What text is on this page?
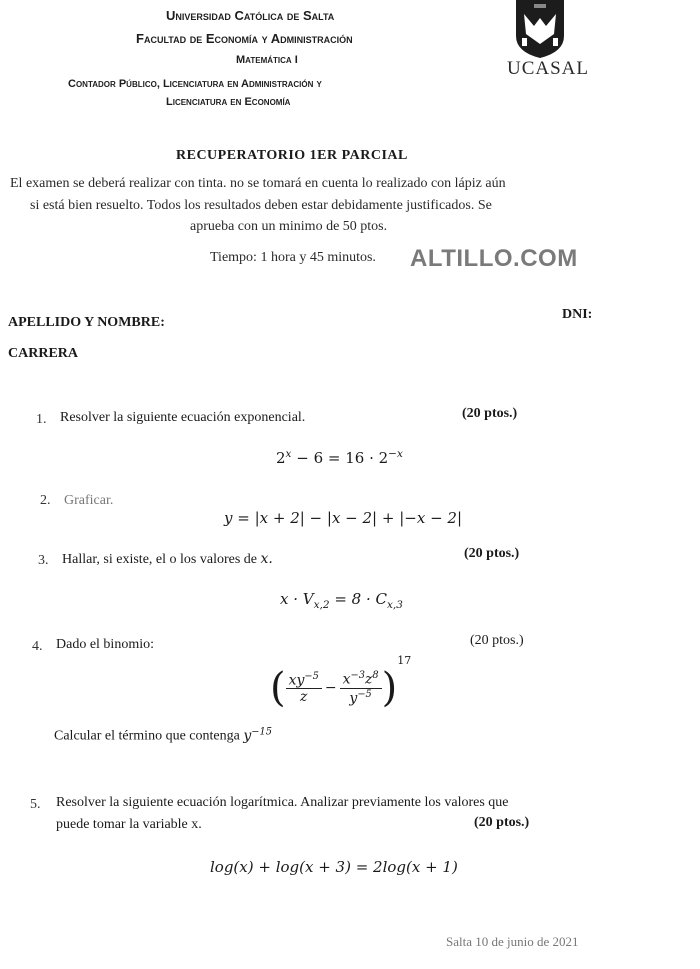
Universidad Católica de Salta
Facultad de Economía y Administración
Matemática I
Contador Público, Licenciatura en Administración y
Licenciatura en Economía
UCASAL
RECUPERATORIO 1ER PARCIAL
El examen se deberá realizar con tinta. no se tomará en cuenta lo realizado con lápiz aún
si está bien resuelto. Todos los resultados deben estar debidamente justificados. Se
aprueba con un minimo de 50 ptos.
Tiempo: 1 hora y 45 minutos. ALTILLO.COM
APELLIDO Y NOMBRE:
DNI:
CARRERA
1. Resolver la siguiente ecuación exponencial.	(20 ptos.)
$2^x - 6 = 16 \cdot 2^{-x}$
2. Graficar.
y = |x + 2| − |x − 2| + |−x − 2|
3. Hallar, si existe, el o los valores de x.	(20 ptos.)
$x \cdot V_{x,2} = 8 \cdot C_{x,3}$
4. Dado el binomio:	(20 ptos.)
( $\frac{xy^{-5}}{z} - \frac{x^{-3}z^8}{y^{-5}} )^{17}$
Calcular el término que contenga $y^{-15}$
5. Resolver la siguiente ecuación logarítmica. Analizar previamente los valores que
puede tomar la variable x.	(20 ptos.)
log(x) + log(x + 3) = 2log(x + 1)
Salta 10 de junio de 2021
